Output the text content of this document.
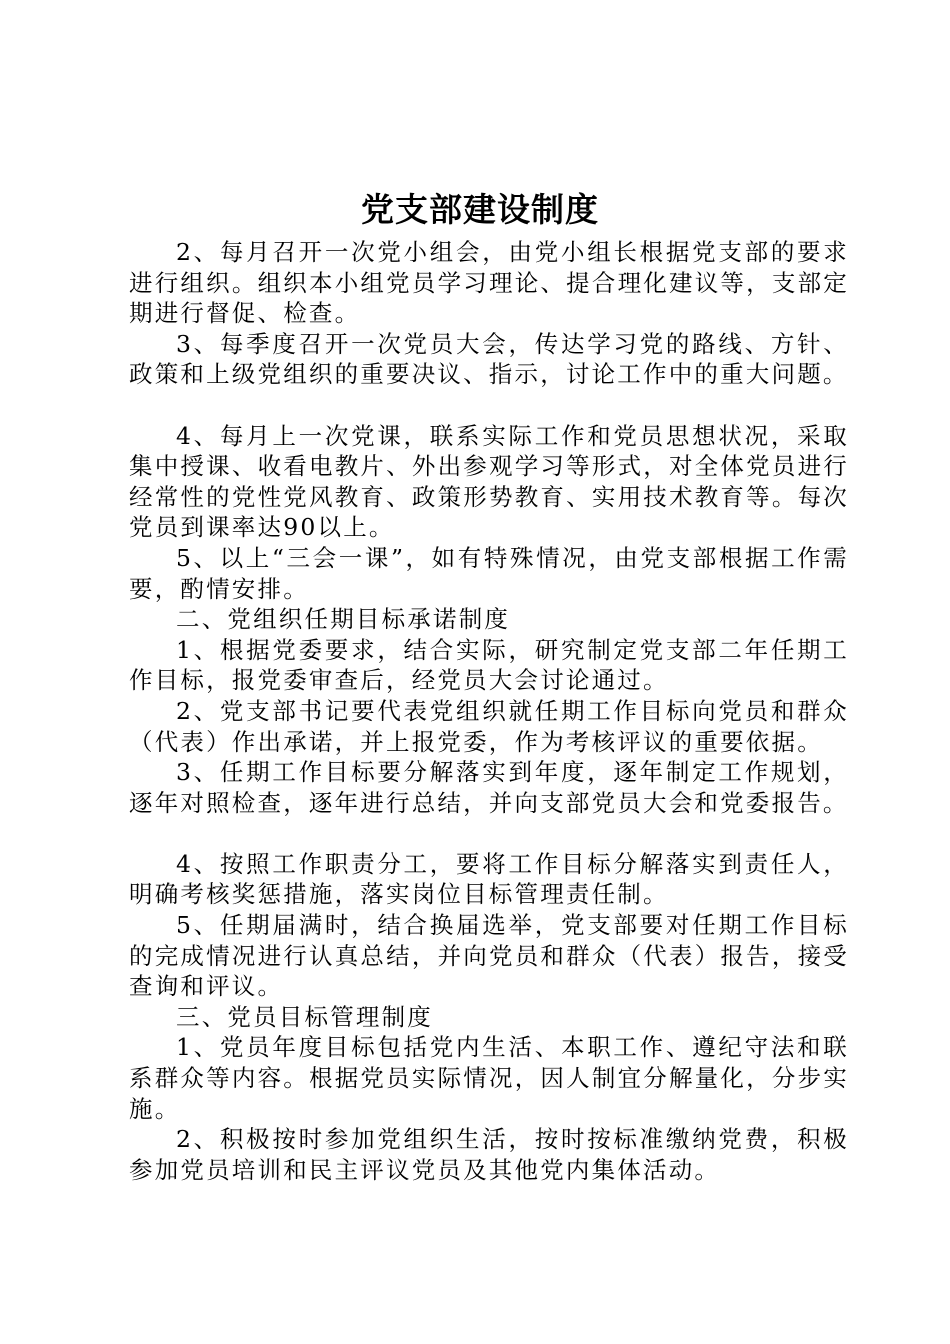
党支部建设制度

2、每月召开一次党小组会，由党小组长根据党支部的要求进行组织。组织本小组党员学习理论、提合理化建议等，支部定期进行督促、检查。

3、每季度召开一次党员大会，传达学习党的路线、方针、政策和上级党组织的重要决议、指示，讨论工作中的重大问题。

4、每月上一次党课，联系实际工作和党员思想状况，采取集中授课、收看电教片、外出参观学习等形式，对全体党员进行经常性的党性党风教育、政策形势教育、实用技术教育等。每次党员到课率达90以上。

5、以上“三会一课”，如有特殊情况，由党支部根据工作需要，酌情安排。

二、党组织任期目标承诺制度

1、根据党委要求，结合实际，研究制定党支部二年任期工作目标，报党委审查后，经党员大会讨论通过。

2、党支部书记要代表党组织就任期工作目标向党员和群众（代表）作出承诺，并上报党委，作为考核评议的重要依据。

3、任期工作目标要分解落实到年度，逐年制定工作规划，逐年对照检查，逐年进行总结，并向支部党员大会和党委报告。

4、按照工作职责分工，要将工作目标分解落实到责任人，明确考核奖惩措施，落实岗位目标管理责任制。

5、任期届满时，结合换届选举，党支部要对任期工作目标的完成情况进行认真总结，并向党员和群众（代表）报告，接受查询和评议。

三、党员目标管理制度

1、党员年度目标包括党内生活、本职工作、遵纪守法和联系群众等内容。根据党员实际情况，因人制宜分解量化，分步实施。

2、积极按时参加党组织生活，按时按标准缴纳党费，积极参加党员培训和民主评议党员及其他党内集体活动。
